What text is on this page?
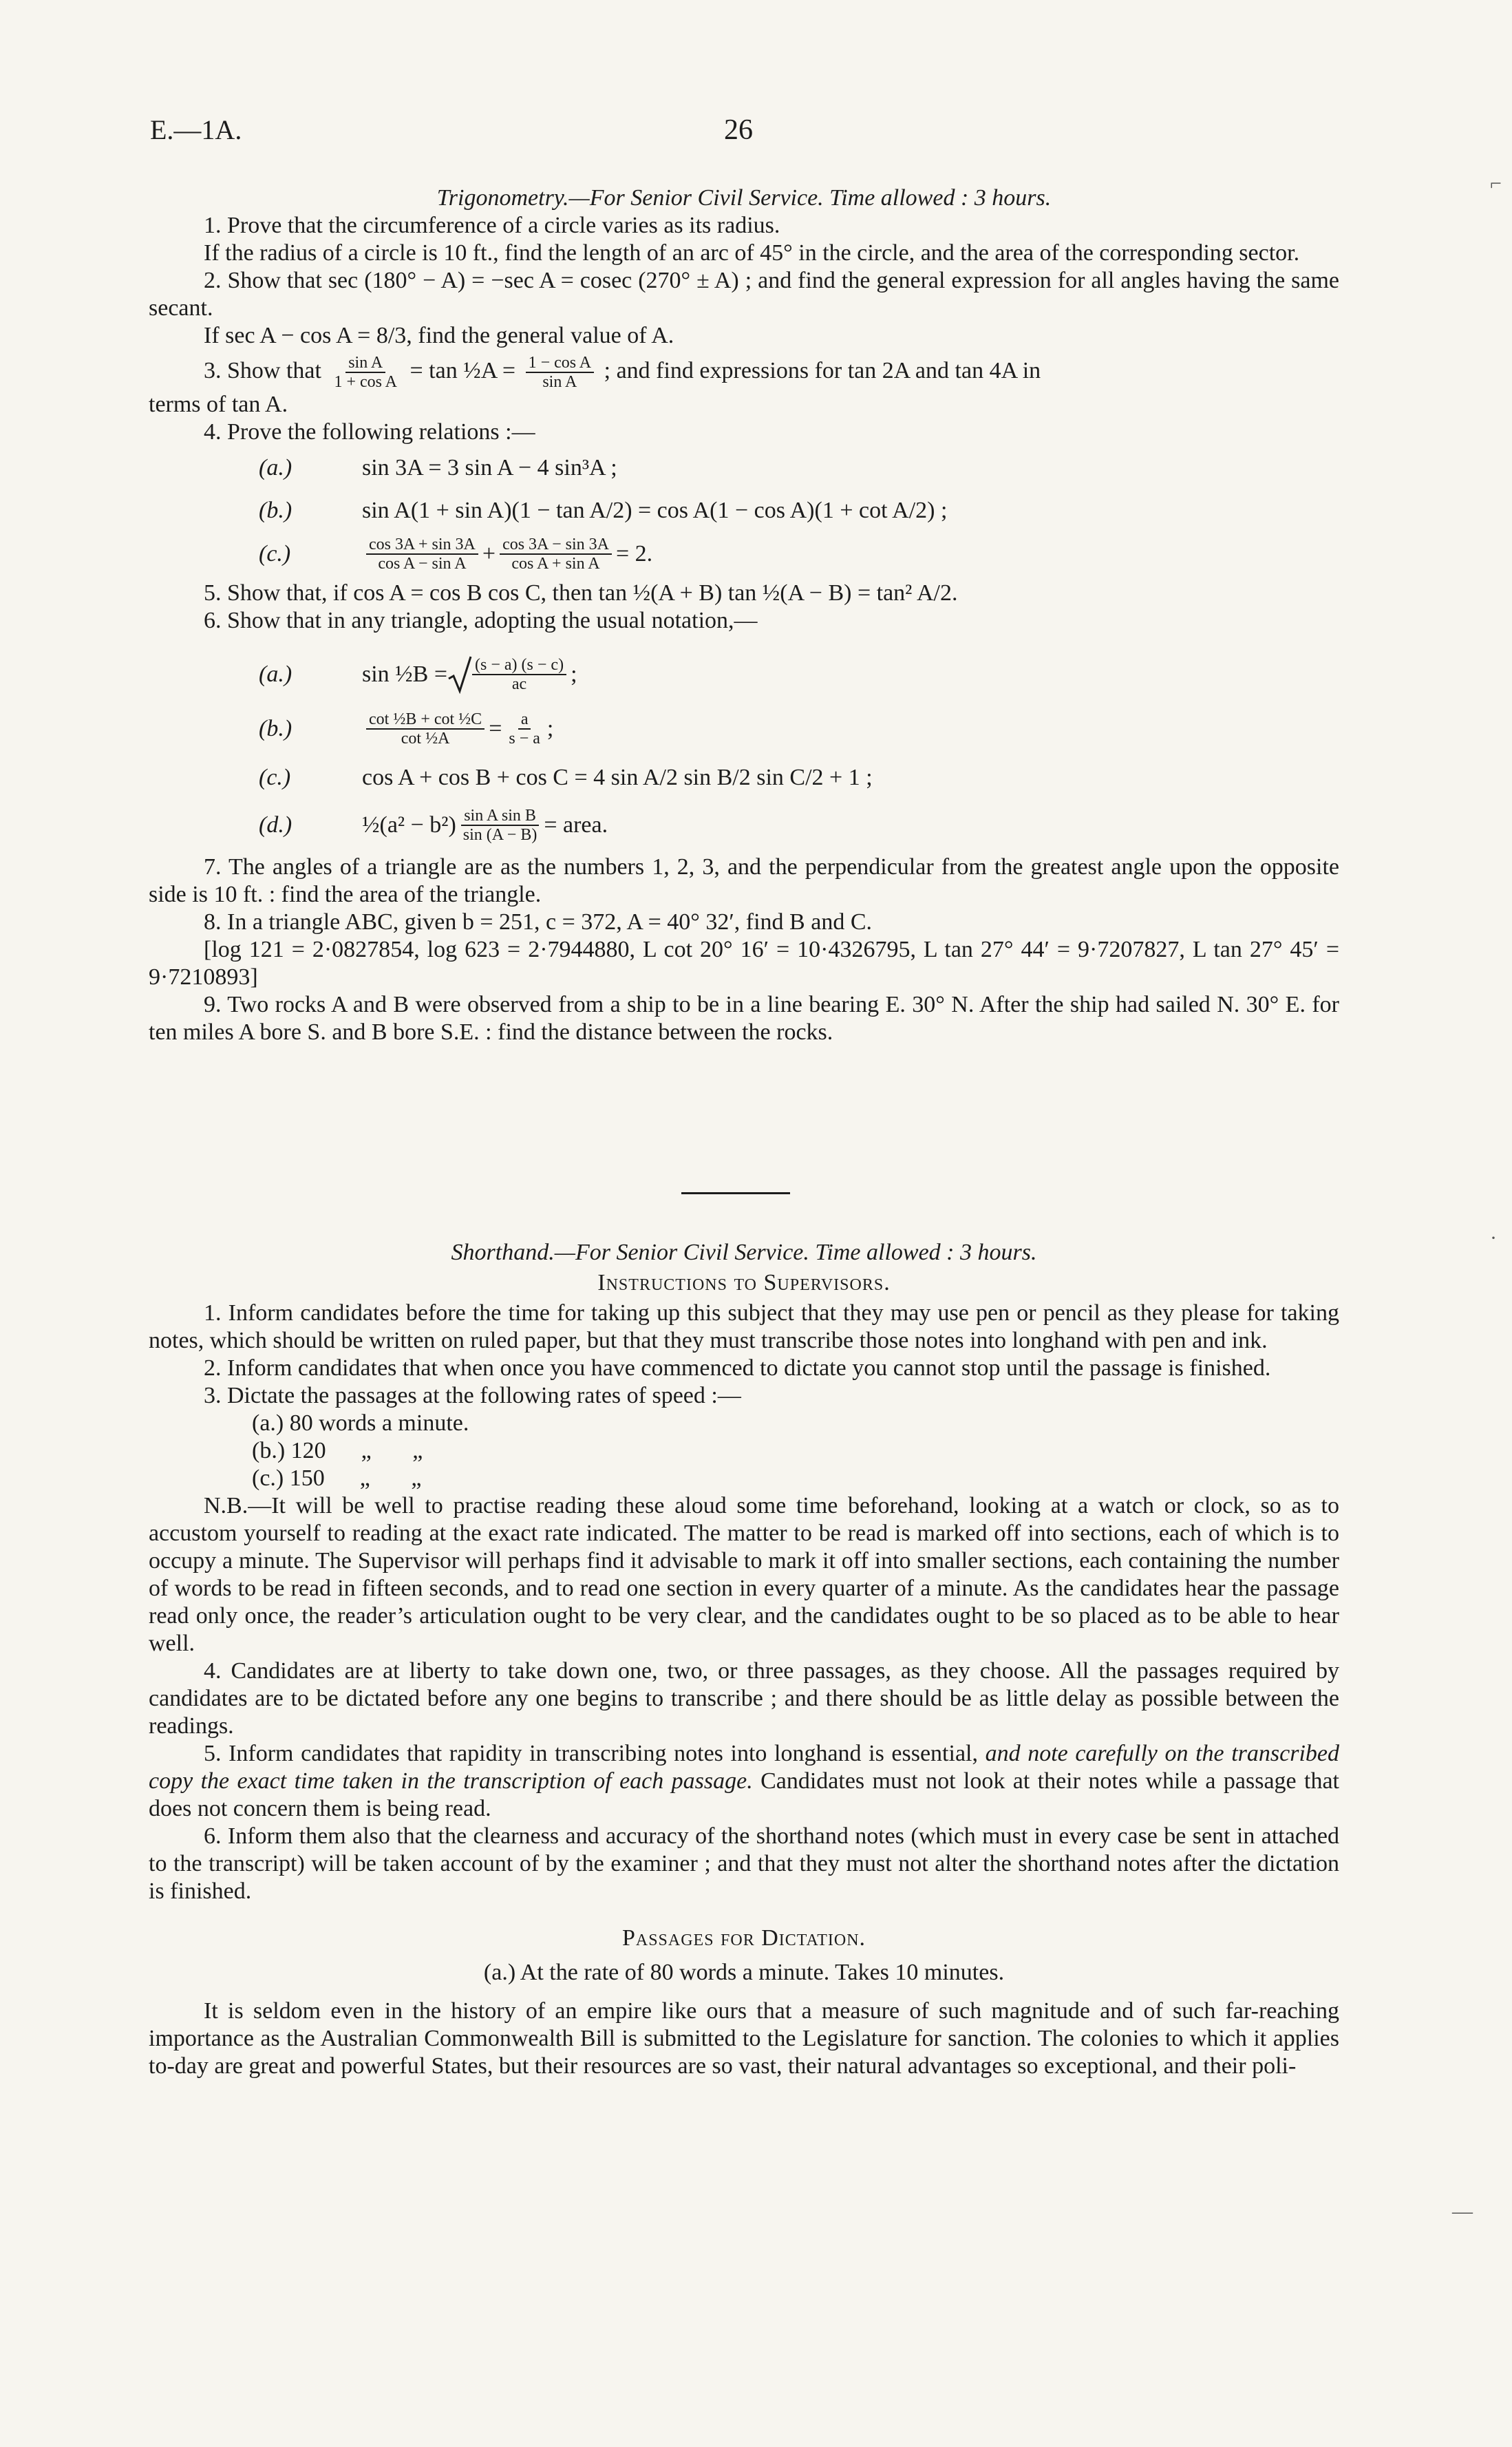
E.—1A.	26

Trigonometry.—For Senior Civil Service. Time allowed : 3 hours.

1. Prove that the circumference of a circle varies as its radius.

If the radius of a circle is 10 ft., find the length of an arc of 45° in the circle, and the area of the corresponding sector.

2. Show that sec (180° − A) = −sec A = cosec (270° ± A) ; and find the general expression for all angles having the same secant.

If sec A − cos A = 8/3, find the general value of A.

3. Show that $\frac{\text{sin A}}{\text{1 + cos A}} = \tan$ ½A = $\frac{\text{1 − cos A}}{\text{sin A}}$ ; and find expressions for tan 2A and tan 4A in

terms of tan A.

4. Prove the following relations :—

(a.)	sin 3A = 3 sin A − 4 sin³A ;
(b.)	sin A(1 + sin A)(1 − tan A/2) = cos A(1 − cos A)(1 + cot A/2) ;
(c.)	$\frac{\cos 3A + \sin 3A}{\text{cos A − sin A}} + \frac{\cos 3A - \sin 3A}{\text{cos A + sin A}} = 2$.

5. Show that, if cos A = cos B cos C, then tan ½(A + B) tan ½(A − B) = tan² A/2.

6. Show that in any triangle, adopting the usual notation,—

(a.)	sin ½B = $\frac{(s - a) (s - c)}{ac}$ ;
(b.)	$\frac{\text{cot ½B + cot ½C}}{\text{cot ½A}} = \frac{a}{s - a}$ ;
(c.)	cos A + cos B + cos C = 4 sin A/2 sin B/2 sin C/2 + 1 ;
(d.)	½(a² − $b^2) \frac{\text{sin A sin B}}{\sin (A - B)}$ = area.

7. The angles of a triangle are as the numbers 1, 2, 3, and the perpendicular from the greatest angle upon the opposite side is 10 ft. : find the area of the triangle.

8. In a triangle ABC, given b = 251, c = 372, A = 40° 32′, find B and C.

[log 121 = 2·0827854, log 623 = 2·7944880, L cot 20° 16′ = 10·4326795, L tan 27° 44′ = 9·7207827, L tan 27° 45′ = 9·7210893]

9. Two rocks A and B were observed from a ship to be in a line bearing E. 30° N. After the ship had sailed N. 30° E. for ten miles A bore S. and B bore S.E. : find the distance between the rocks.

Shorthand.—For Senior Civil Service. Time allowed : 3 hours.

Instructions to Supervisors.

1. Inform candidates before the time for taking up this subject that they may use pen or pencil as they please for taking notes, which should be written on ruled paper, but that they must transcribe those notes into longhand with pen and ink.

2. Inform candidates that when once you have commenced to dictate you cannot stop until the passage is finished.

3. Dictate the passages at the following rates of speed :—

(a.) 80 words a minute.

(b.) 120      „       „

(c.) 150      „       „

N.B.—It will be well to practise reading these aloud some time beforehand, looking at a watch or clock, so as to accustom yourself to reading at the exact rate indicated. The matter to be read is marked off into sections, each of which is to occupy a minute. The Supervisor will perhaps find it advisable to mark it off into smaller sections, each containing the number of words to be read in fifteen seconds, and to read one section in every quarter of a minute. As the candidates hear the passage read only once, the reader’s articulation ought to be very clear, and the candidates ought to be so placed as to be able to hear well.

4. Candidates are at liberty to take down one, two, or three passages, as they choose. All the passages required by candidates are to be dictated before any one begins to transcribe ; and there should be as little delay as possible between the readings.

5. Inform candidates that rapidity in transcribing notes into longhand is essential, and note carefully on the transcribed copy the exact time taken in the transcription of each passage. Candidates must not look at their notes while a passage that does not concern them is being read.

6. Inform them also that the clearness and accuracy of the shorthand notes (which must in every case be sent in attached to the transcript) will be taken account of by the examiner ; and that they must not alter the shorthand notes after the dictation is finished.

Passages for Dictation.

(a.) At the rate of 80 words a minute. Takes 10 minutes.

It is seldom even in the history of an empire like ours that a measure of such magnitude and of such far-reaching importance as the Australian Commonwealth Bill is submitted to the Legislature for sanction. The colonies to which it applies to-day are great and powerful States, but their resources are so vast, their natural advantages so exceptional, and their poli-

⌐
·
—
